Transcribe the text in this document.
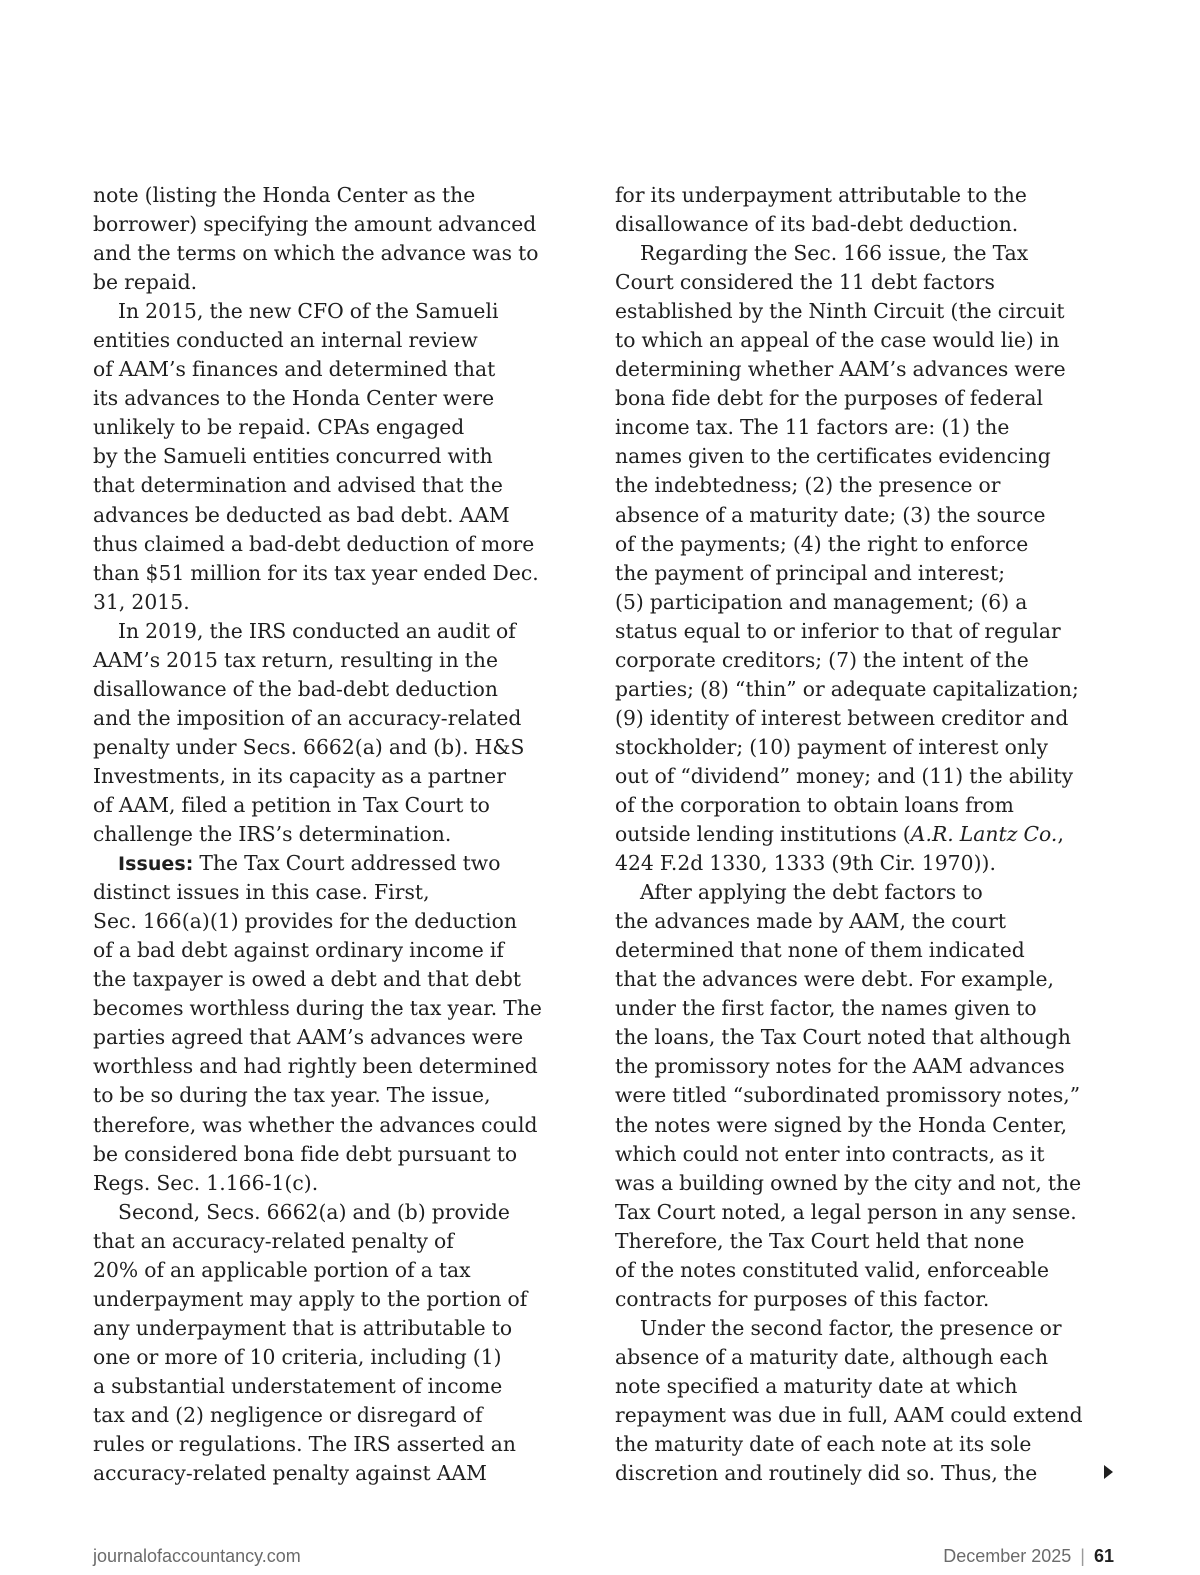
note (listing the Honda Center as the
borrower) specifying the amount advanced
and the terms on which the advance was to
be repaid.
In 2015, the new CFO of the Samueli
entities conducted an internal review
of AAM’s finances and determined that
its advances to the Honda Center were
unlikely to be repaid. CPAs engaged
by the Samueli entities concurred with
that determination and advised that the
advances be deducted as bad debt. AAM
thus claimed a bad-debt deduction of more
than $51 million for its tax year ended Dec.
31, 2015.
In 2019, the IRS conducted an audit of
AAM’s 2015 tax return, resulting in the
disallowance of the bad-debt deduction
and the imposition of an accuracy-related
penalty under Secs. 6662(a) and (b). H&S
Investments, in its capacity as a partner
of AAM, filed a petition in Tax Court to
challenge the IRS’s determination.
Issues: The Tax Court addressed two
distinct issues in this case. First,
Sec. 166(a)(1) provides for the deduction
of a bad debt against ordinary income if
the taxpayer is owed a debt and that debt
becomes worthless during the tax year. The
parties agreed that AAM’s advances were
worthless and had rightly been determined
to be so during the tax year. The issue,
therefore, was whether the advances could
be considered bona fide debt pursuant to
Regs. Sec. 1.166-1(c).
Second, Secs. 6662(a) and (b) provide
that an accuracy-related penalty of
20% of an applicable portion of a tax
underpayment may apply to the portion of
any underpayment that is attributable to
one or more of 10 criteria, including (1)
a substantial understatement of income
tax and (2) negligence or disregard of
rules or regulations. The IRS asserted an
accuracy-related penalty against AAM
for its underpayment attributable to the
disallowance of its bad-debt deduction.
Regarding the Sec. 166 issue, the Tax
Court considered the 11 debt factors
established by the Ninth Circuit (the circuit
to which an appeal of the case would lie) in
determining whether AAM’s advances were
bona fide debt for the purposes of federal
income tax. The 11 factors are: (1) the
names given to the certificates evidencing
the indebtedness; (2) the presence or
absence of a maturity date; (3) the source
of the payments; (4) the right to enforce
the payment of principal and interest;
(5) participation and management; (6) a
status equal to or inferior to that of regular
corporate creditors; (7) the intent of the
parties; (8) “thin” or adequate capitalization;
(9) identity of interest between creditor and
stockholder; (10) payment of interest only
out of “dividend” money; and (11) the ability
of the corporation to obtain loans from
outside lending institutions (A.R. Lantz Co.,
424 F.2d 1330, 1333 (9th Cir. 1970)).
After applying the debt factors to
the advances made by AAM, the court
determined that none of them indicated
that the advances were debt. For example,
under the first factor, the names given to
the loans, the Tax Court noted that although
the promissory notes for the AAM advances
were titled “subordinated promissory notes,”
the notes were signed by the Honda Center,
which could not enter into contracts, as it
was a building owned by the city and not, the
Tax Court noted, a legal person in any sense.
Therefore, the Tax Court held that none
of the notes constituted valid, enforceable
contracts for purposes of this factor.
Under the second factor, the presence or
absence of a maturity date, although each
note specified a maturity date at which
repayment was due in full, AAM could extend
the maturity date of each note at its sole
discretion and routinely did so. Thus, the
journalofaccountancy.com	December 2025 | 61
